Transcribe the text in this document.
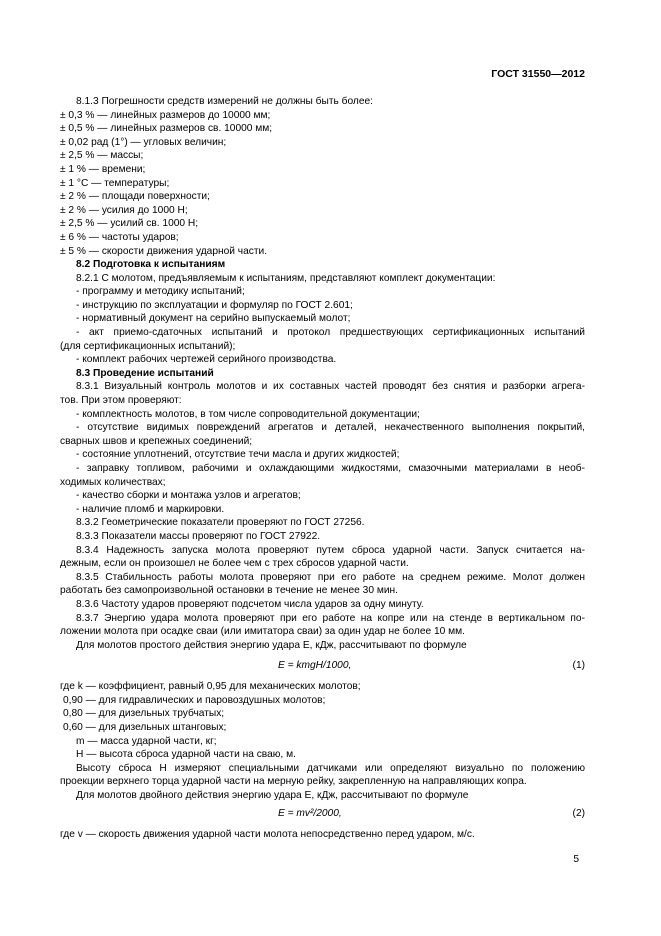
ГОСТ 31550—2012
8.1.3 Погрешности средств измерений не должны быть более:
± 0,3 % — линейных размеров до 10000 мм;
± 0,5 % — линейных размеров св. 10000 мм;
± 0,02 рад (1°) — угловых величин;
± 2,5 % — массы;
± 1 % — времени;
± 1 °С — температуры;
± 2 % — площади поверхности;
± 2 % — усилия до 1000 Н;
± 2,5 % — усилий св. 1000 Н;
± 6 % — частоты ударов;
± 5 % — скорости движения ударной части.
8.2 Подготовка к испытаниям
8.2.1 С молотом, предъявляемым к испытаниям, представляют комплект документации:
- программу и методику испытаний;
- инструкцию по эксплуатации и формуляр по ГОСТ 2.601;
- нормативный документ на серийно выпускаемый молот;
- акт приемо-сдаточных испытаний и протокол предшествующих сертификационных испытаний
(для сертификационных испытаний);
- комплект рабочих чертежей серийного производства.
8.3 Проведение испытаний
8.3.1 Визуальный контроль молотов и их составных частей проводят без снятия и разборки агрега-
тов. При этом проверяют:
- комплектность молотов, в том числе сопроводительной документации;
- отсутствие видимых повреждений агрегатов и деталей, некачественного выполнения покрытий,
сварных швов и крепежных соединений;
- состояние уплотнений, отсутствие течи масла и других жидкостей;
- заправку топливом, рабочими и охлаждающими жидкостями, смазочными материалами в необ-
ходимых количествах;
- качество сборки и монтажа узлов и агрегатов;
- наличие пломб и маркировки.
8.3.2 Геометрические показатели проверяют по ГОСТ 27256.
8.3.3 Показатели массы проверяют по ГОСТ 27922.
8.3.4 Надежность запуска молота проверяют путем сброса ударной части. Запуск считается на-
дежным, если он произошел не более чем с трех сбросов ударной части.
8.3.5 Стабильность работы молота проверяют при его работе на среднем режиме. Молот должен
работать без самопроизвольной остановки в течение не менее 30 мин.
8.3.6 Частоту ударов проверяют подсчетом числа ударов за одну минуту.
8.3.7 Энергию удара молота проверяют при его работе на копре или на стенде в вертикальном по-
ложении молота при осадке сваи (или имитатора сваи) за один удар не более 10 мм.
Для молотов простого действия энергию удара E, кДж, рассчитывают по формуле
E = kmgH/1000,	(1)
где k — коэффициент, равный 0,95 для механических молотов;
0,90 — для гидравлических и паровоздушных молотов;
0,80 — для дизельных трубчатых;
0,60 — для дизельных штанговых;
m — масса ударной части, кг;
H — высота сброса ударной части на сваю, м.
Высоту сброса H измеряют специальными датчиками или определяют визуально по положению
проекции верхнего торца ударной части на мерную рейку, закрепленную на направляющих копра.
Для молотов двойного действия энергию удара E, кДж, рассчитывают по формуле
E = mv²/2000,	(2)
где v — скорость движения ударной части молота непосредственно перед ударом, м/с.
5
